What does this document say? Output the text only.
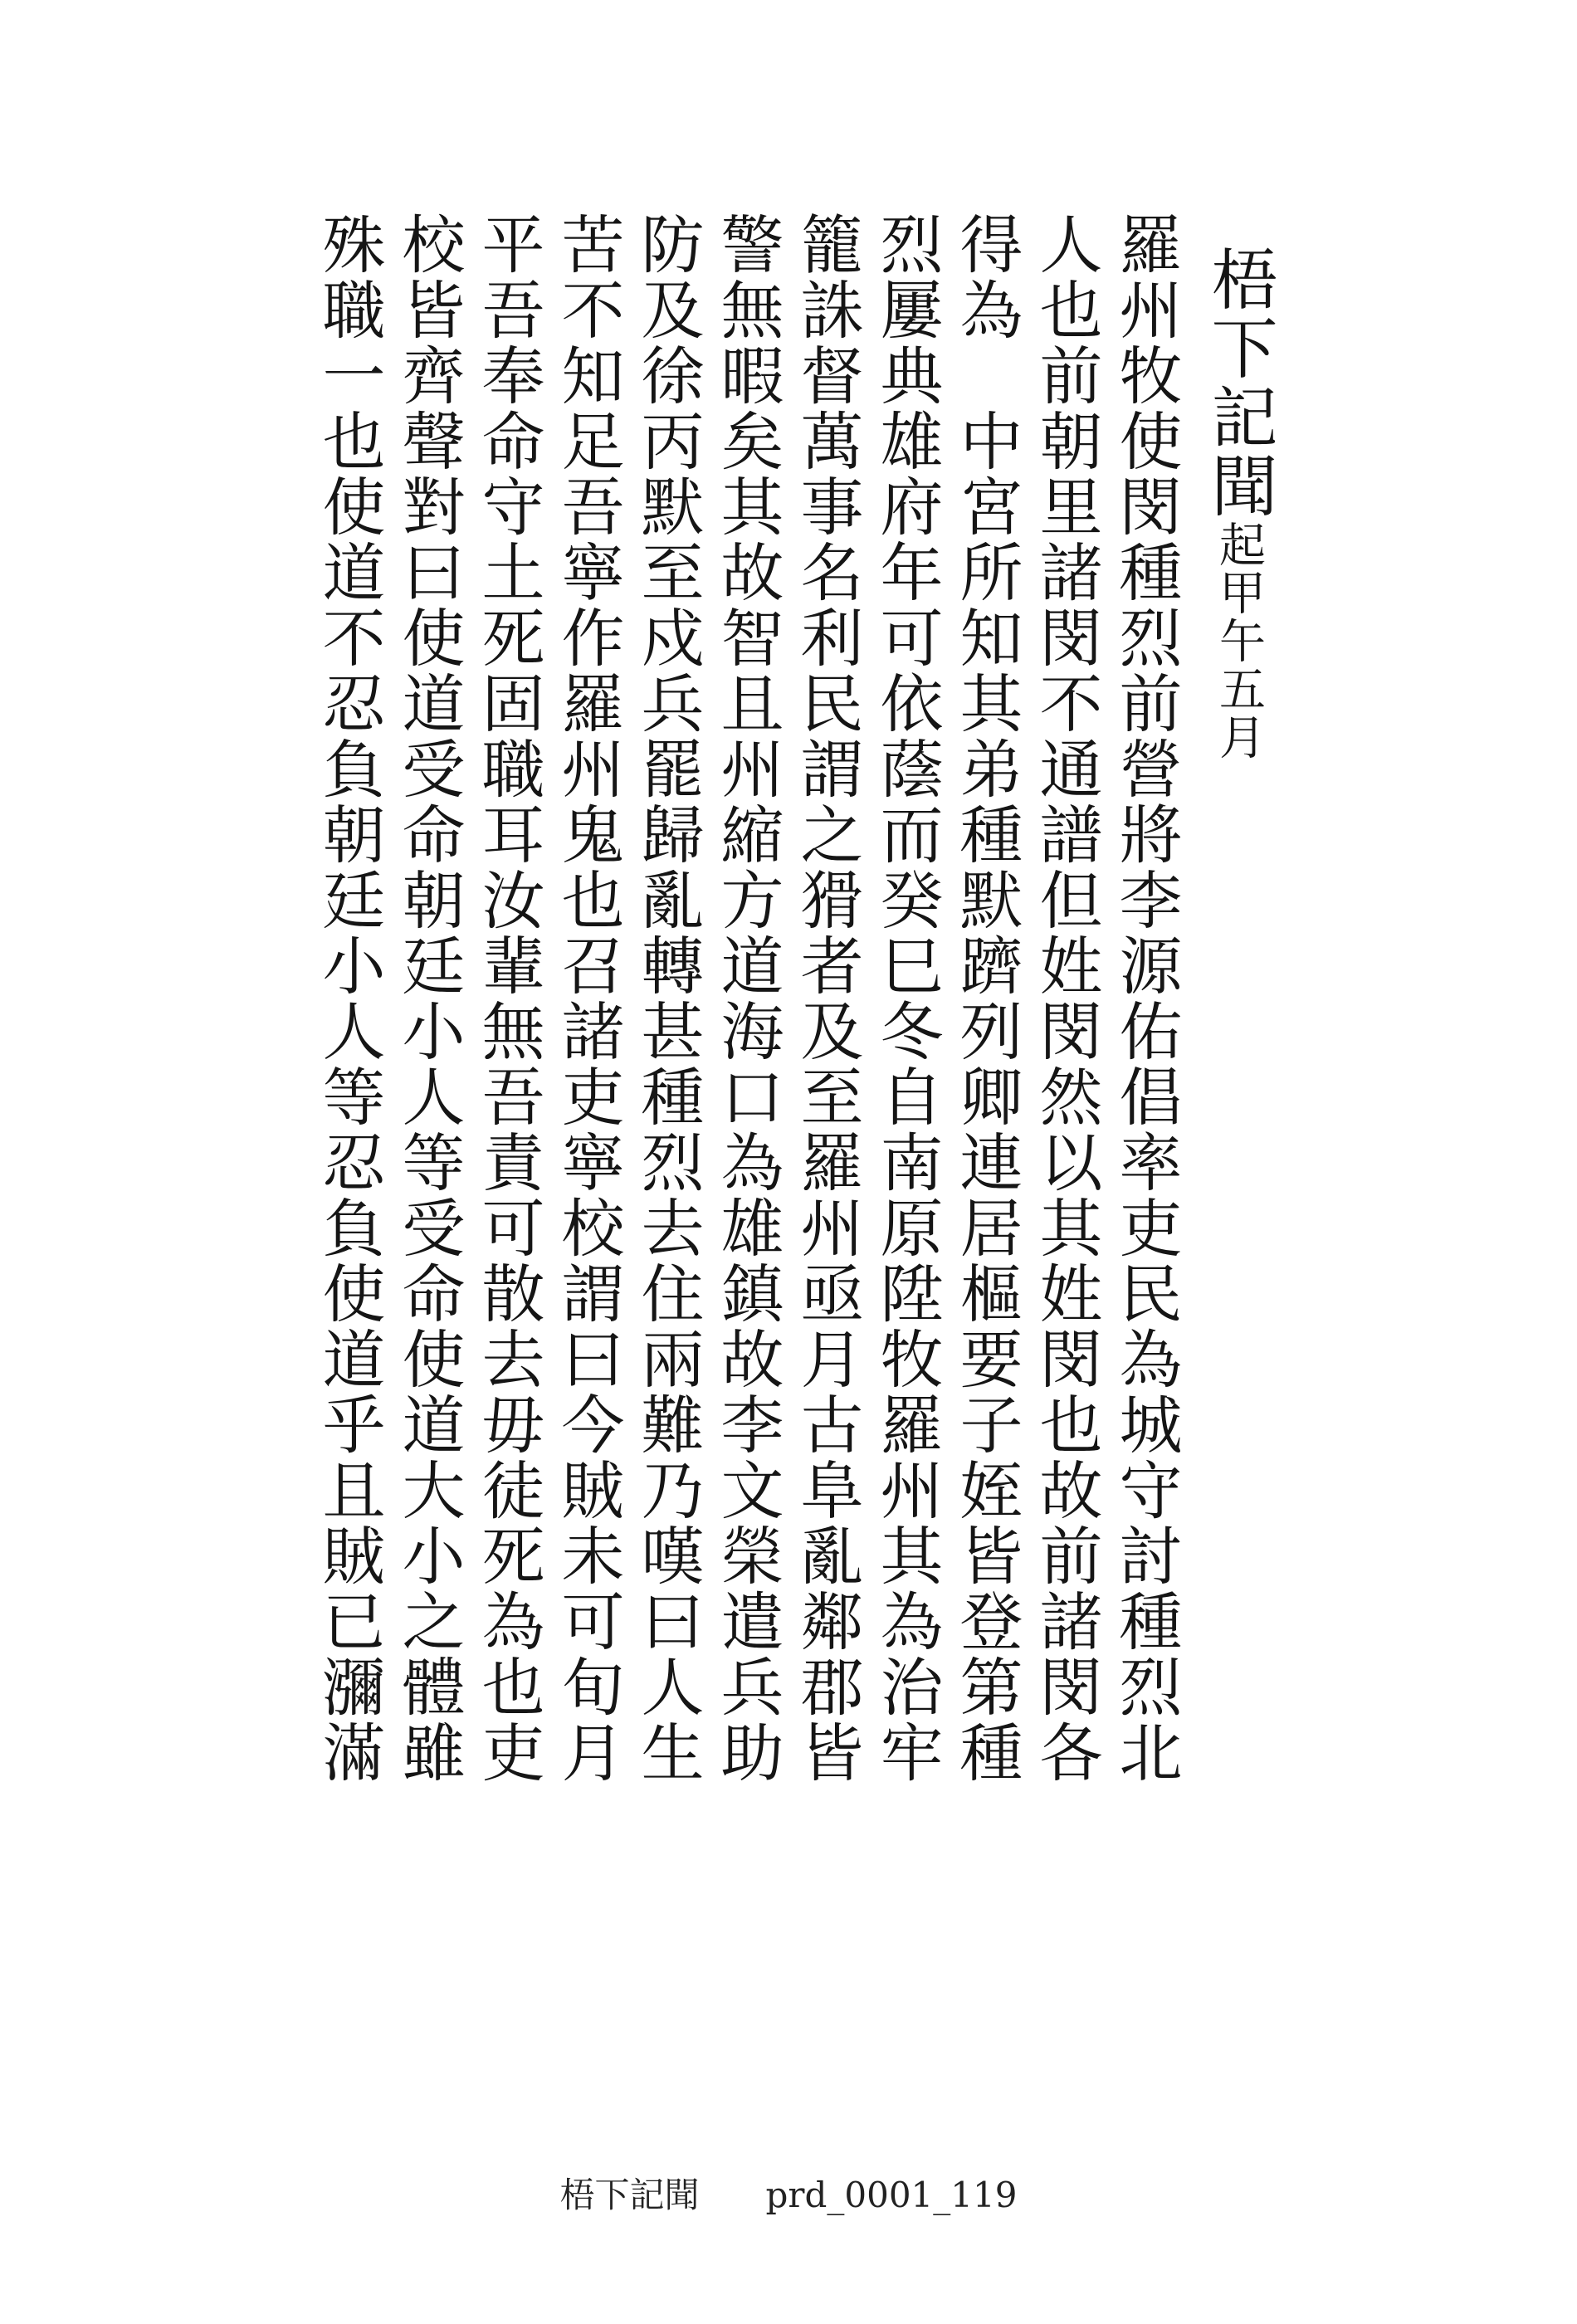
梧下記聞起甲午五月
羅州牧使閔種烈前營將李源佑倡率吏民為城守討種烈北
人也前朝里諸閔不通譜但姓閔然以其姓閔也故前諸閔各
得為　中宮所知其弟種默躋列卿連居樞要子姪皆登第種
烈屢典雄府年可依蔭而癸巳冬自南原陞牧羅州其為治牢
籠誅督萬事名利民謂之猾者及至羅州亟月古阜亂鄰郡皆
警無暇矣其故智且州縮方道海口為雄鎮故李文榮遣兵助
防及徐丙默至戍兵罷歸亂轉甚種烈去住兩難乃嘆曰人生
苦不知足吾寧作羅州鬼也召諸吏寧校謂曰今賊未可旬月
平吾奉命守土死固職耳汝輩無吾責可散去毋徒死為也吏
校皆齊聲對曰使道受命朝廷小人等受命使道大小之體雖
殊職一也使道不忍負朝廷小人等忍負使道乎且賊已瀰滿
梧下記聞 prd_0001_119
